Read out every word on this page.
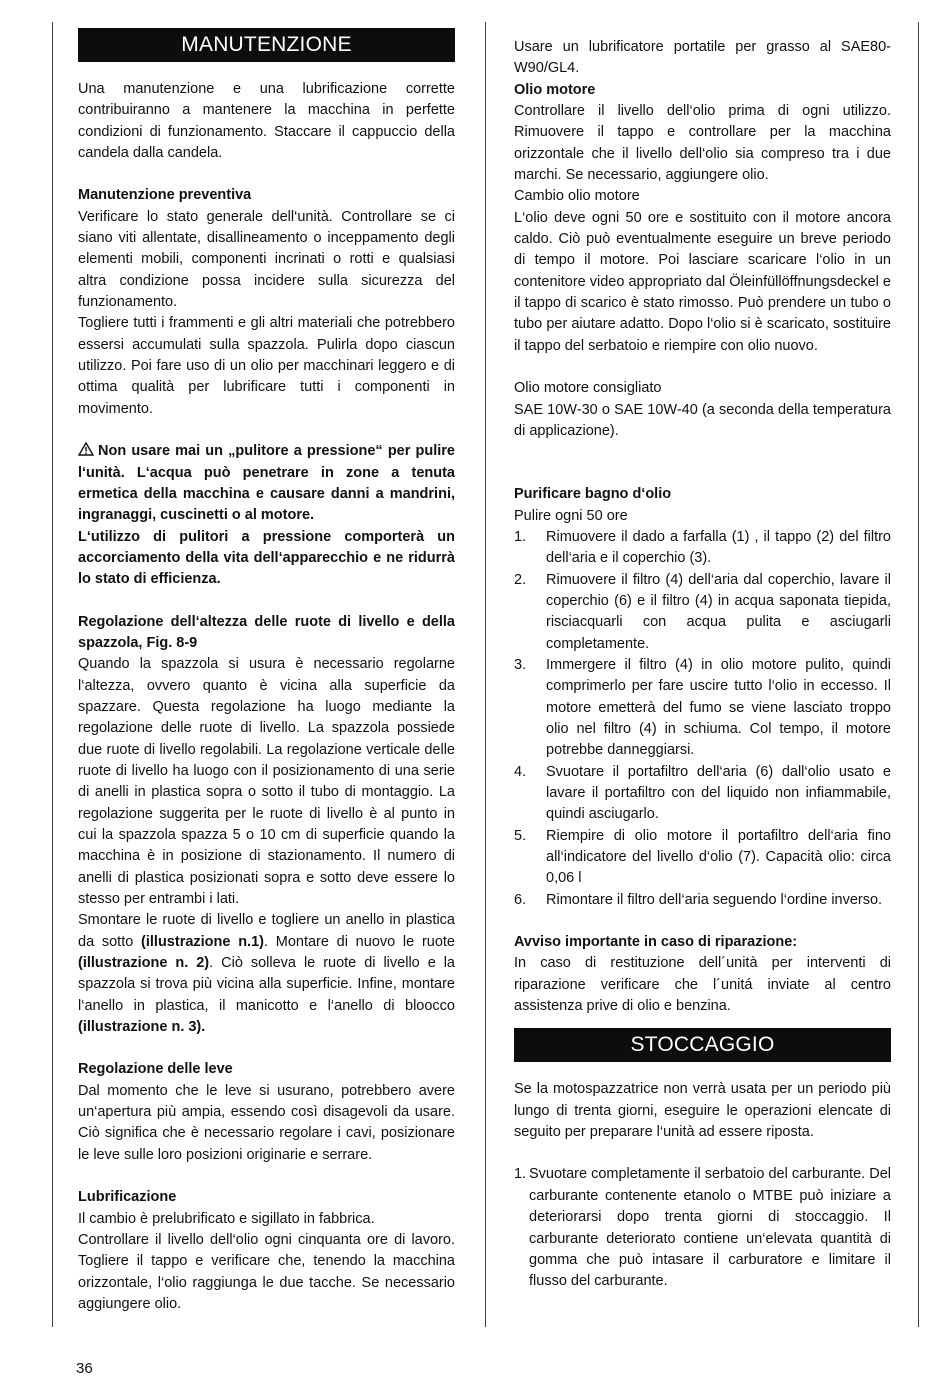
MANUTENZIONE

Una manutenzione e una lubrificazione corrette contribuiranno a mantenere la macchina in perfette condizioni di funzionamento. Staccare il cappuccio della candela dalla candela.

Manutenzione preventiva

Verificare lo stato generale dell‘unità. Controllare se ci siano viti allentate, disallineamento o inceppamento degli elementi mobili, componenti incrinati o rotti e qualsiasi altra condizione possa incidere sulla sicurezza del funzionamento.

Togliere tutti i frammenti e gli altri materiali che potrebbero essersi accumulati sulla spazzola. Pulirla dopo ciascun utilizzo. Poi fare uso di un olio per macchinari leggero e di ottima qualità per lubrificare tutti i componenti in movimento.

Non usare mai un „pulitore a pressione“ per pulire l‘unità. L‘acqua può penetrare in zone a tenuta ermetica della macchina e causare danni a mandrini, ingranaggi, cuscinetti o al motore.

L‘utilizzo di pulitori a pressione comporterà un accorciamento della vita dell‘apparecchio e ne ridurrà lo stato di efficienza.

Regolazione dell‘altezza delle ruote di livello e della spazzola, Fig. 8-9

Quando la spazzola si usura è necessario regolarne l‘altezza, ovvero quanto è vicina alla superficie da spazzare. Questa regolazione ha luogo mediante la regolazione delle ruote di livello. La spazzola possiede due ruote di livello regolabili. La regolazione verticale delle ruote di livello ha luogo con il posizionamento di una serie di anelli in plastica sopra o sotto il tubo di montaggio. La regolazione suggerita per le ruote di livello è al punto in cui la spazzola spazza 5 o 10 cm di superficie quando la macchina è in posizione di stazionamento. Il numero di anelli di plastica posizionati sopra e sotto deve essere lo stesso per entrambi i lati.

Smontare le ruote di livello e togliere un anello in plastica da sotto (illustrazione n.1). Montare di nuovo le ruote (illustrazione n. 2). Ciò solleva le ruote di livello e la spazzola si trova più vicina alla superficie. Infine, montare l‘anello in plastica, il manicotto e l‘anello di bloocco (illustrazione n. 3).

Regolazione delle leve

Dal momento che le leve si usurano, potrebbero avere un‘apertura più ampia, essendo così disagevoli da usare. Ciò significa che è necessario regolare i cavi, posizionare le leve sulle loro posizioni originarie e serrare.

Lubrificazione

Il cambio è prelubrificato e sigillato in fabbrica.

Controllare il livello dell‘olio ogni cinquanta ore di lavoro. Togliere il tappo e verificare che, tenendo la macchina orizzontale, l‘olio raggiunga le due tacche. Se necessario aggiungere olio.

Usare un lubrificatore portatile per grasso al SAE80-W90/GL4.

Olio motore

Controllare il livello dell‘olio prima di ogni utilizzo. Rimuovere il tappo e controllare per la macchina orizzontale che il livello dell‘olio sia compreso tra i due marchi. Se necessario, aggiungere olio.

Cambio olio motore

L‘olio deve ogni 50 ore e sostituito con il motore ancora caldo. Ciò può eventualmente eseguire un breve periodo di tempo il motore. Poi lasciare scaricare l‘olio in un contenitore video appropriato dal Öleinfüllöffnungsdeckel e il tappo di scarico è stato rimosso. Può prendere un tubo o tubo per aiutare adatto. Dopo l‘olio si è scaricato, sostituire il tappo del serbatoio e riempire con olio nuovo.

Olio motore consigliato

SAE 10W-30 o SAE 10W-40 (a seconda della temperatura di applicazione).

Purificare bagno d‘olio

Pulire ogni 50 ore

1. Rimuovere il dado a farfalla (1) , il tappo (2) del filtro dell‘aria e il coperchio (3).
2. Rimuovere il filtro (4) dell‘aria dal coperchio, lavare il coperchio (6) e il filtro (4) in acqua saponata tiepida, risciacquarli con acqua pulita e asciugarli completamente.
3. Immergere il filtro (4) in olio motore pulito, quindi comprimerlo per fare uscire tutto l‘olio in eccesso. Il motore emetterà del fumo se viene lasciato troppo olio nel filtro (4) in schiuma. Col tempo, il motore potrebbe danneggiarsi.
4. Svuotare il portafiltro dell‘aria (6) dall‘olio usato e lavare il portafiltro con del liquido non infiammabile, quindi asciugarlo.
5. Riempire di olio motore il portafiltro dell‘aria fino all‘indicatore del livello d‘olio (7). Capacità olio: circa 0,06 l
6. Rimontare il filtro dell‘aria seguendo l‘ordine inverso.

Avviso importante in caso di riparazione:

In caso di restituzione dell´unità per interventi di riparazione verificare che l´unitá inviate al centro assistenza prive di olio e benzina.

STOCCAGGIO

Se la motospazzatrice non verrà usata per un periodo più lungo di trenta giorni, eseguire le operazioni elencate di seguito per preparare l‘unità ad essere riposta.

1. Svuotare completamente il serbatoio del carburante. Del carburante contenente etanolo o MTBE può iniziare a deteriorarsi dopo trenta giorni di stoccaggio. Il carburante deteriorato contiene un‘elevata quantità di gomma che può intasare il carburatore e limitare il flusso del carburante.
36
